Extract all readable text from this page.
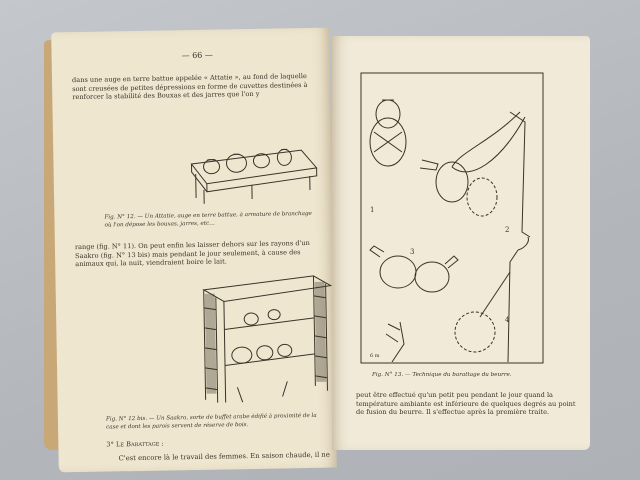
— 66 —
dans une auge en terre battue appelée « Attatie », au fond de laquelle sont creusées de petites dépressions en forme de cuvettes destinées à renforcer la stabilité des Bouxas et des jarres que l'on y
Fig. N° 12. — Un Attatie, auge en terre battue, à armature de branchage où l'on dépose les bouxas, jarres, etc…
range (fig. N° 11). On peut enfin les laisser dehors sur les rayons d'un Saakro (fig. N° 13 bis) mais pendant le jour seulement, à cause des animaux qui, la nuit, viendraient boire le lait.
Fig. N° 12 bis. — Un Saakro, sorte de buffet arabe édifié à proximité de la case et dont les parois servent de réserve de bois.
3° Le Barattage :
C'est encore là le travail des femmes. En saison chaude, il ne
1
2
3
4
6 m
Fig. N° 13. — Technique du barattage du beurre.
peut être effectué qu'un petit peu pendant le jour quand la température ambiante est inférieure de quelques degrés au point de fusion du beurre. Il s'effectue après la première traite.
